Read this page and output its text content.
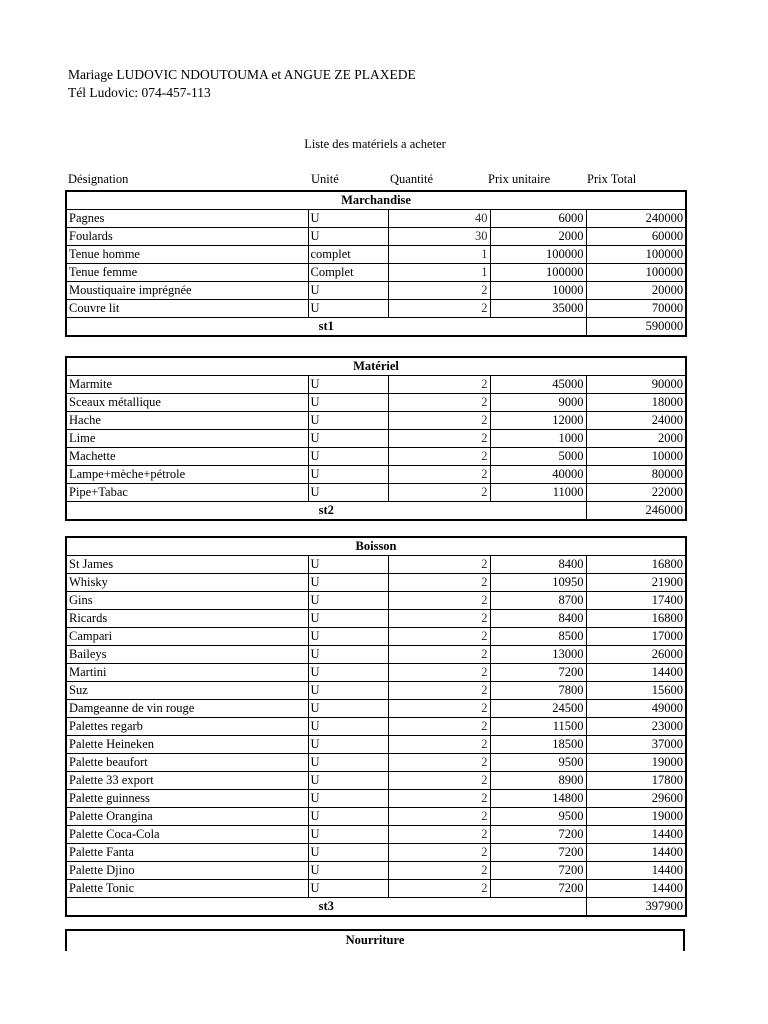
Mariage LUDOVIC NDOUTOUMA et ANGUE ZE PLAXEDE
Tél Ludovic: 074-457-113
Liste des matériels a acheter
Désignation	Unité	Quantité	Prix unitaire	Prix Total
Marchandise				
Pagnes	U	40	6000	240000
Foulards	U	30	2000	60000
Tenue homme	complet	1	100000	100000
Tenue femme	Complet	1	100000	100000
Moustiquaire imprégnée	U	2	10000	20000
Couvre lit	U	2	35000	70000
st1				590000
Matériel				
Marmite	U	2	45000	90000
Sceaux métallique	U	2	9000	18000
Hache	U	2	12000	24000
Lime	U	2	1000	2000
Machette	U	2	5000	10000
Lampe+mèche+pétrole	U	2	40000	80000
Pipe+Tabac	U	2	11000	22000
st2				246000
Boisson				
St James	U	2	8400	16800
Whisky	U	2	10950	21900
Gins	U	2	8700	17400
Ricards	U	2	8400	16800
Campari	U	2	8500	17000
Baileys	U	2	13000	26000
Martini	U	2	7200	14400
Suz	U	2	7800	15600
Damgeanne de vin rouge	U	2	24500	49000
Palettes regarb	U	2	11500	23000
Palette Heineken	U	2	18500	37000
Palette beaufort	U	2	9500	19000
Palette 33 export	U	2	8900	17800
Palette guinness	U	2	14800	29600
Palette Orangina	U	2	9500	19000
Palette Coca-Cola	U	2	7200	14400
Palette Fanta	U	2	7200	14400
Palette Djino	U	2	7200	14400
Palette Tonic	U	2	7200	14400
st3				397900
Nourriture
